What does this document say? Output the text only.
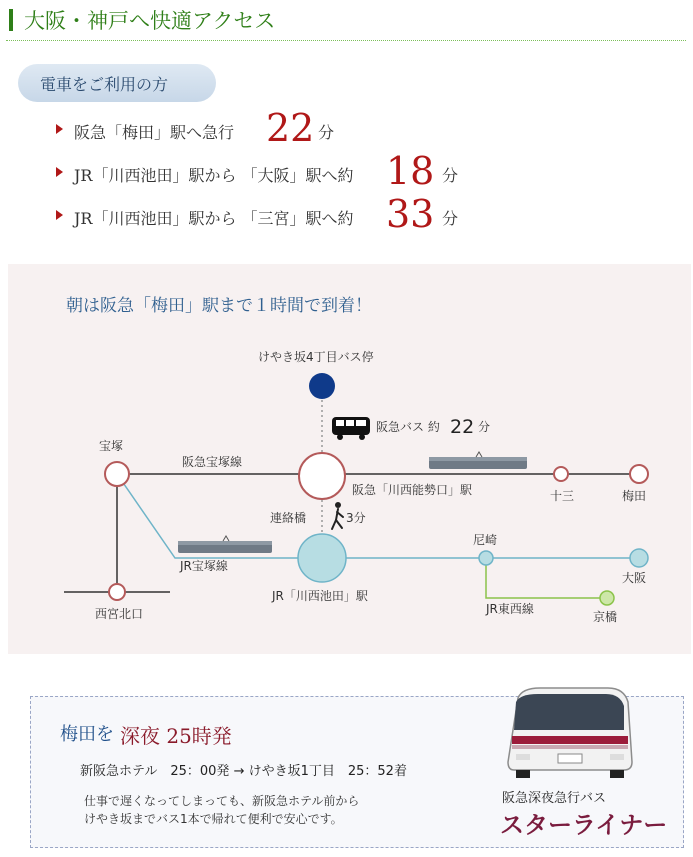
大阪・神戸へ快適アクセス
電車をご利用の方
阪急「梅田」駅へ急行 22 分
JR「川西池田」駅から 「大阪」駅へ約 18 分
JR「川西池田」駅から 「三宮」駅へ約 33 分
朝は阪急「梅田」駅まで１時間で到着！
けやき坂4丁目バス停
阪急バス 約 22 分
宝塚
阪急宝塚線
阪急「川西能勢口」駅	十三	梅田
連絡橋	3分
JR宝塚線
JR「川西池田」駅
尼崎
大阪
JR東西線
京橋
西宮北口
梅田を 深夜 25時発
新阪急ホテル　25：00発 → けやき坂1丁目　25：52着
仕事で遅くなってしまっても、新阪急ホテル前から
けやき坂までバス1本で帰れて便利で安心です。
阪急深夜急行バス
スターライナー
